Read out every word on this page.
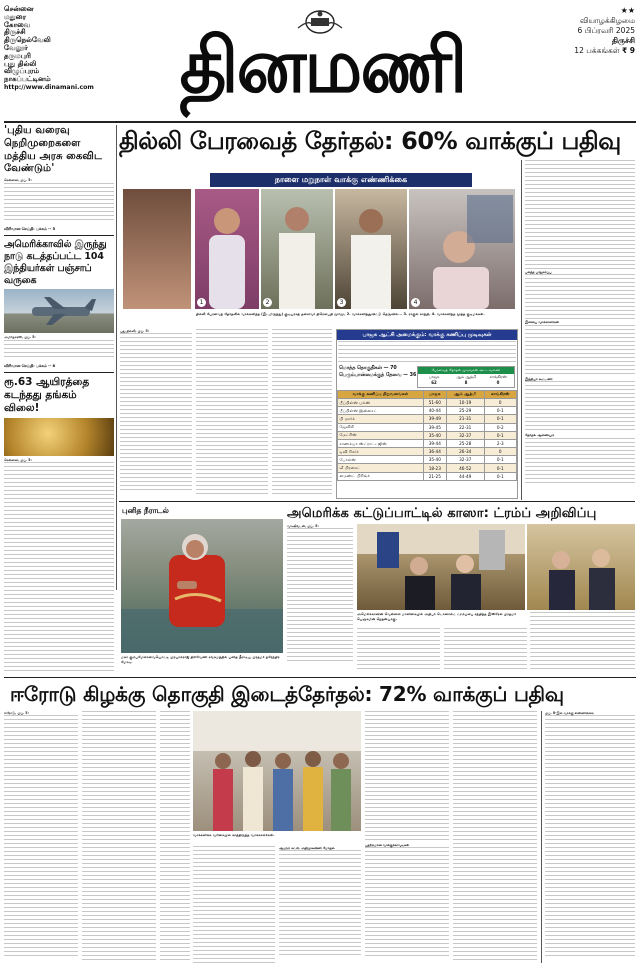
சென்னை
மதுரை
கோவை
திருச்சி
திருநெல்வேலி
வேலூர்
தருமபுரி
புது தில்லி
விழுப்புரம்
நாகப்பட்டினம்
http://www.dinamani.com	தினமணி
★★
வியாழக்கிழமை
6 பிப்ரவரி 2025
திருச்சி
12 பக்கங்கள் ₹ 9
'புதிய வரைவு நெறிமுறைகளை மத்திய அரசு கைவிட வேண்டும்'
சென்னை, பிப். 5:
விரிவான செய்தி: பக்கம் -- 5
அமெரிக்காவில் இருந்து நாடு கடத்தப்பட்ட 104 இந்தியர்கள் பஞ்சாப் வருகை
அமிர்தசரஸ், பிப். 5:
விரிவான செய்தி: பக்கம் -- 8
ரூ.63 ஆயிரத்தை கடந்தது தங்கம் விலை!
சென்னை, பிப். 5:
தில்லி பேரவைத் தேர்தல்: 60% வாக்குப் பதிவு
நாளை மறுநாள் வாக்கு எண்ணிக்கை
1	2	3	4
தில்லி பேரவைத் தேர்தலில் வாக்களித்த (இடமிருந்து) குடியரசுத் தலைவர் திரௌபதி முர்மு, 2. வாக்களித்துவிட்டு தெருவில்... 3. ராகுல் காந்தி, 4. வாக்களித்த மூத்த குடிமக்கள்.
புது தில்லி, பிப். 5:
பாஜக ஆட்சி அமைக்கும்: வாக்கு கணிப்பு முடிவுகள்
மொத்த தொகுதிகள் — 70
பெரும்பான்மைக்குத் தேவை — 36
பேரவைத் தேர்தல் முடிவுகள் அட்டவணை
பாஜக	ஆம் ஆத்மி	காங்கிரஸ்
62	8	0
வாக்கு கணிப்பு நிறுவனங்கள்	பாஜக	ஆம் ஆத்மி	காங்கிரஸ்
பீப்பிள்ஸ் பல்ஸ்	51-60	10-19	0
பீப்பிள்ஸ் இன்சைட்	40-44	25-29	0-1
பி மார்க்	39-49	21-31	0-1
ஜேவிசி	39-45	22-31	0-2
மேட்ரிஸ்	35-40	32-37	0-1
சாணக்யா ஸ்ட்ராட்டஜிஸ்	39-44	25-28	2-3
டிவி ரிசர்ச்	36-44	26-34	0
போல்ஸ்	35-40	32-37	0-1
வீ பிரசைட்	18-23	46-52	0-1
மைண்ட் பிரிங்க்	21-25	44-49	0-1
பலத்த பாதுகாப்பு
இளைய வாக்காளர்கள்
இந்தியா கூட்டணி
தேர்தல் ஆணையம்
புனித நீராடல்
மகா கும்பமேளாவையொட்டி பிரயாக்ராஜ் திரிவேணி சங்கமத்தில் புனித நீராடிய பிரதமர் நரேந்திர மோடி.
அமெரிக்க கட்டுப்பாட்டில் காஸா: ட்ரம்ப் அறிவிப்பு
வாஷிங்டன், பிப். 5:
அமெரிக்காவின் வெள்ளை மாளிகையில் அதிபர் டொனால்ட் ட்ரம்ப்பை சந்தித்த இஸ்ரேல் பிரதமர் பெஞ்சமின் நெதன்யாகு.
ஈரோடு கிழக்கு தொகுதி இடைத்தேர்தல்: 72% வாக்குப் பதிவு
ஈரோடு, பிப். 5:
வாக்களிக்க வரிசையில் காத்திருந்த வாக்காளர்கள்.
ஆளும் கட்சி, அதிமுகவினர் மோதல்
பதற்றமான வாக்குச்சாவடிகள்
பிப். 8-இல் வாக்கு எண்ணிக்கை
